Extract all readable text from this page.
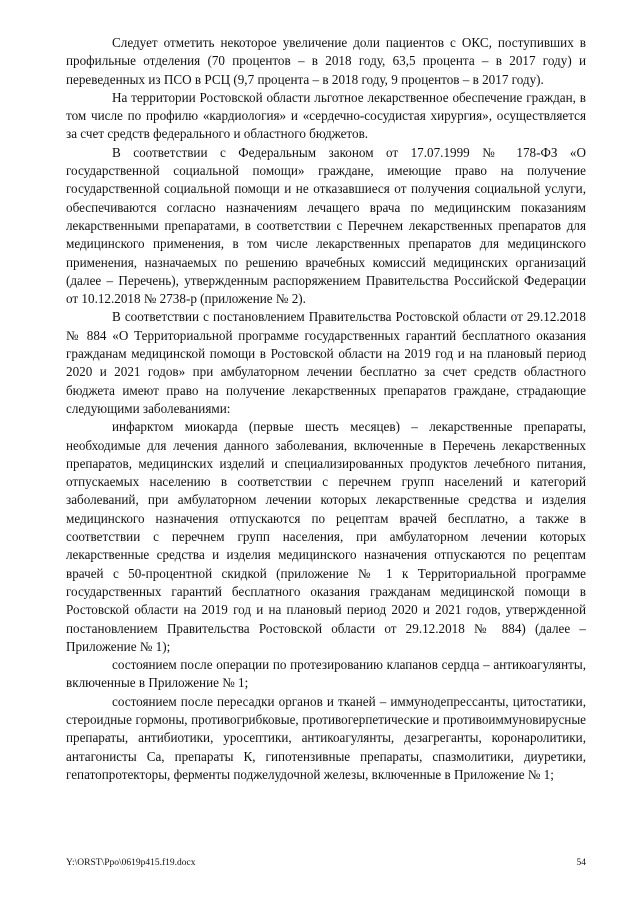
Следует отметить некоторое увеличение доли пациентов с ОКС, поступивших в профильные отделения (70 процентов – в 2018 году, 63,5 процента – в 2017 году) и переведенных из ПСО в РСЦ (9,7 процента – в 2018 году, 9 процентов – в 2017 году).

На территории Ростовской области льготное лекарственное обеспечение граждан, в том числе по профилю «кардиология» и «сердечно-сосудистая хирургия», осуществляется за счет средств федерального и областного бюджетов.

В соответствии с Федеральным законом от 17.07.1999 № 178-ФЗ «О государственной социальной помощи» граждане, имеющие право на получение государственной социальной помощи и не отказавшиеся от получения социальной услуги, обеспечиваются согласно назначениям лечащего врача по медицинским показаниям лекарственными препаратами, в соответствии с Перечнем лекарственных препаратов для медицинского применения, в том числе лекарственных препаратов для медицинского применения, назначаемых по решению врачебных комиссий медицинских организаций (далее – Перечень), утвержденным распоряжением Правительства Российской Федерации от 10.12.2018 № 2738-р (приложение № 2).

В соответствии с постановлением Правительства Ростовской области от 29.12.2018 № 884 «О Территориальной программе государственных гарантий бесплатного оказания гражданам медицинской помощи в Ростовской области на 2019 год и на плановый период 2020 и 2021 годов» при амбулаторном лечении бесплатно за счет средств областного бюджета имеют право на получение лекарственных препаратов граждане, страдающие следующими заболеваниями:

инфарктом миокарда (первые шесть месяцев) – лекарственные препараты, необходимые для лечения данного заболевания, включенные в Перечень лекарственных препаратов, медицинских изделий и специализированных продуктов лечебного питания, отпускаемых населению в соответствии с перечнем групп населений и категорий заболеваний, при амбулаторном лечении которых лекарственные средства и изделия медицинского назначения отпускаются по рецептам врачей бесплатно, а также в соответствии с перечнем групп населения, при амбулаторном лечении которых лекарственные средства и изделия медицинского назначения отпускаются по рецептам врачей с 50-процентной скидкой (приложение № 1 к Территориальной программе государственных гарантий бесплатного оказания гражданам медицинской помощи в Ростовской области на 2019 год и на плановый период 2020 и 2021 годов, утвержденной постановлением Правительства Ростовской области от 29.12.2018 № 884) (далее – Приложение № 1);

состоянием после операции по протезированию клапанов сердца – антикоагулянты, включенные в Приложение № 1;

состоянием после пересадки органов и тканей – иммунодепрессанты, цитостатики, стероидные гормоны, противогрибковые, противогерпетические и противоиммуновирусные препараты, антибиотики, уросептики, антикоагулянты, дезагреганты, коронаролитики, антагонисты Са, препараты К, гипотензивные препараты, спазмолитики, диуретики, гепатопротекторы, ферменты поджелудочной железы, включенные в Приложение № 1;

Y:\ORST\Ppo\0619p415.f19.docx	54
